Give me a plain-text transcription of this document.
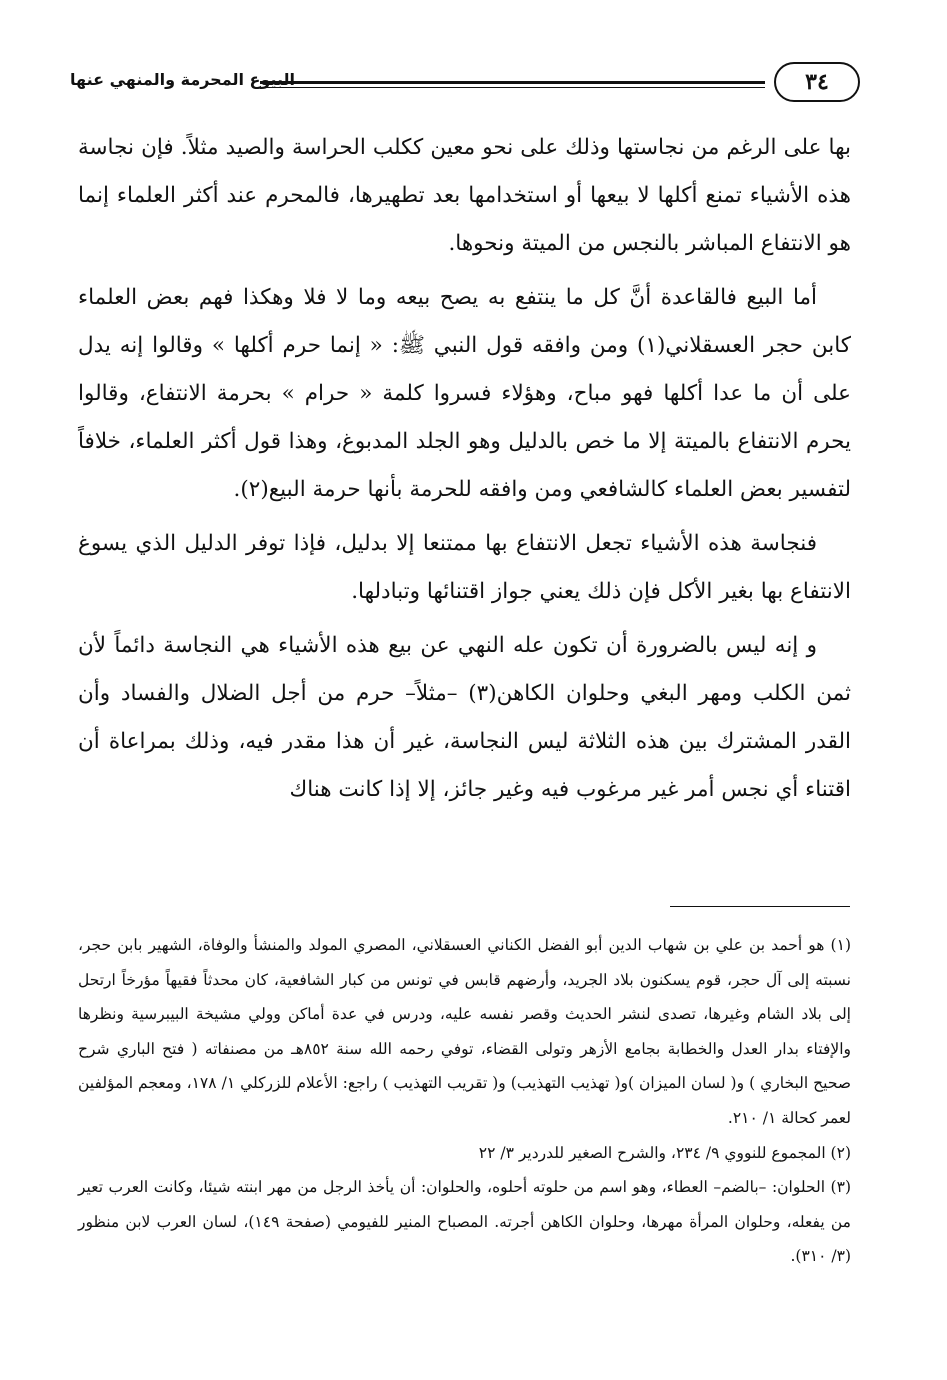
البيوع المحرمة والمنهي عنها	٣٤

بها على الرغم من نجاستها وذلك على نحو معين ككلب الحراسة والصيد مثلاً. فإن نجاسة هذه الأشياء تمنع أكلها لا بيعها أو استخدامها بعد تطهيرها، فالمحرم عند أكثر العلماء إنما هو الانتفاع المباشر بالنجس من الميتة ونحوها.

أما البيع فالقاعدة أنَّ كل ما ينتفع به يصح بيعه وما لا فلا وهكذا فهم بعض العلماء كابن حجر العسقلاني(١) ومن وافقه قول النبي ﷺ: « إنما حرم أكلها » وقالوا إنه يدل على أن ما عدا أكلها فهو مباح، وهؤلاء فسروا كلمة « حرام » بحرمة الانتفاع، وقالوا يحرم الانتفاع بالميتة إلا ما خص بالدليل وهو الجلد المدبوغ، وهذا قول أكثر العلماء، خلافاً لتفسير بعض العلماء كالشافعي ومن وافقه للحرمة بأنها حرمة البيع(٢).

فنجاسة هذه الأشياء تجعل الانتفاع بها ممتنعا إلا بدليل، فإذا توفر الدليل الذي يسوغ الانتفاع بها بغير الأكل فإن ذلك يعني جواز اقتنائها وتبادلها.

و إنه ليس بالضرورة أن تكون عله النهي عن بيع هذه الأشياء هي النجاسة دائماً لأن ثمن الكلب ومهر البغي وحلوان الكاهن(٣) –مثلاً– حرم من أجل الضلال والفساد وأن القدر المشترك بين هذه الثلاثة ليس النجاسة، غير أن هذا مقدر فيه، وذلك بمراعاة أن اقتناء أي نجس أمر غير مرغوب فيه وغير جائز، إلا إذا كانت هناك

(١) هو أحمد بن علي بن شهاب الدين أبو الفضل الكناني العسقلاني، المصري المولد والمنشأ والوفاة، الشهير بابن حجر، نسبته إلى آل حجر، قوم يسكنون بلاد الجريد، وأرضهم قابس في تونس من كبار الشافعية، كان محدثاً فقيهاً مؤرخاً ارتحل إلى بلاد الشام وغيرها، تصدى لنشر الحديث وقصر نفسه عليه، ودرس في عدة أماكن وولي مشيخة البيبرسية ونظرها والإفتاء بدار العدل والخطابة بجامع الأزهر وتولى القضاء، توفي رحمه الله سنة ٨٥٢هـ من مصنفاته ( فتح الباري شرح صحيح البخاري ) و( لسان الميزان )و( تهذيب التهذيب) و( تقريب التهذيب ) راجع: الأعلام للزركلي ١/ ١٧٨، ومعجم المؤلفين لعمر كحالة ١/ ٢١٠.

(٢) المجموع للنووي ٩/ ٢٣٤، والشرح الصغير للدردير ٣/ ٢٢

(٣) الحلوان: –بالضم– العطاء، وهو اسم من حلوته أحلوه، والحلوان: أن يأخذ الرجل من مهر ابنته شيئا، وكانت العرب تعير من يفعله، وحلوان المرأة مهرها، وحلوان الكاهن أجرته. المصباح المنير للفيومي (صفحة ١٤٩)، لسان العرب لابن منظور (٣/ ٣١٠).
